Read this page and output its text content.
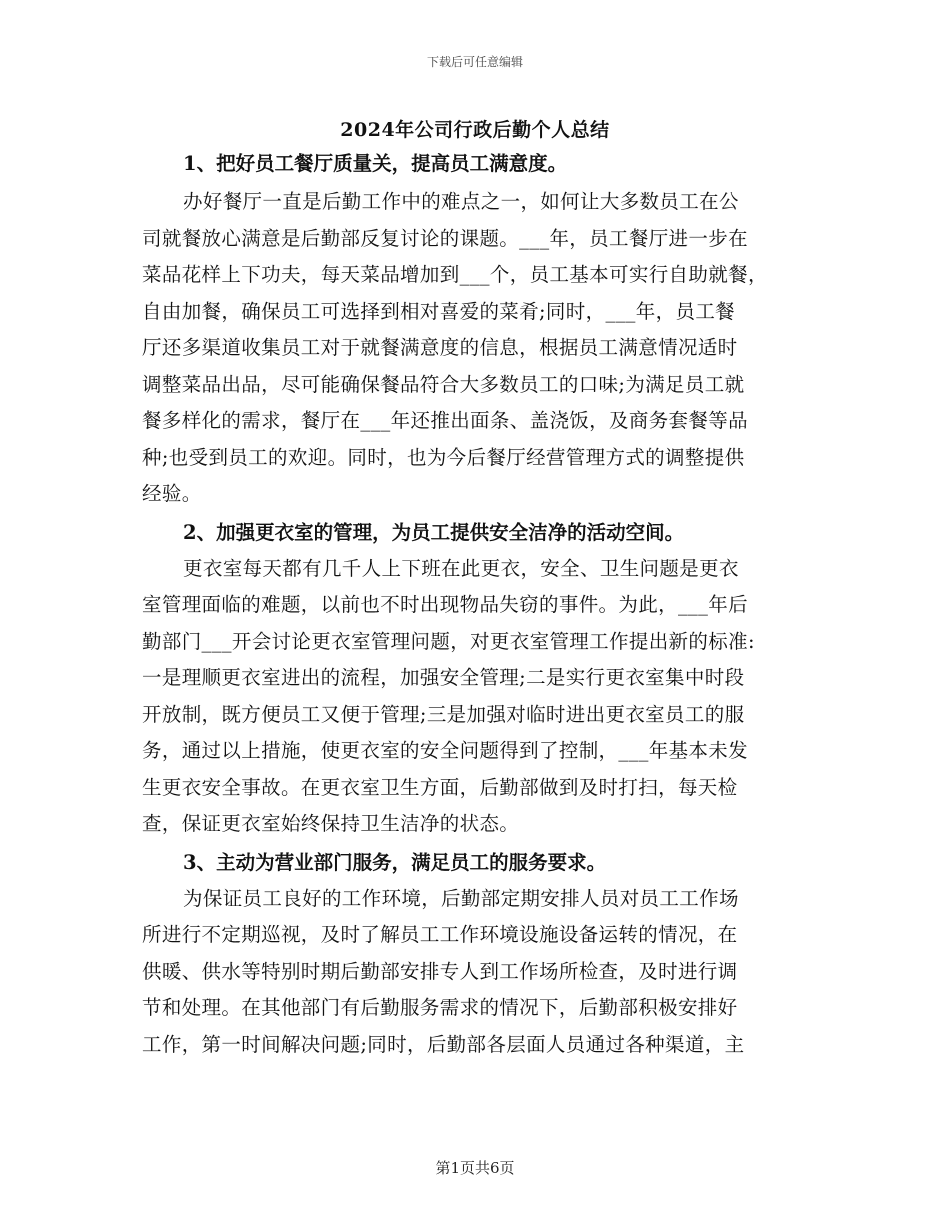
下载后可任意编辑
2024年公司行政后勤个人总结

1、把好员工餐厅质量关，提高员工满意度。

办好餐厅一直是后勤工作中的难点之一，如何让大多数员工在公
司就餐放心满意是后勤部反复讨论的课题。___年，员工餐厅进一步在
菜品花样上下功夫，每天菜品增加到___个，员工基本可实行自助就餐，
自由加餐，确保员工可选择到相对喜爱的菜肴;同时，___年，员工餐
厅还多渠道收集员工对于就餐满意度的信息，根据员工满意情况适时
调整菜品出品，尽可能确保餐品符合大多数员工的口味;为满足员工就
餐多样化的需求，餐厅在___年还推出面条、盖浇饭，及商务套餐等品
种;也受到员工的欢迎。同时，也为今后餐厅经营管理方式的调整提供
经验。

2、加强更衣室的管理，为员工提供安全洁净的活动空间。

更衣室每天都有几千人上下班在此更衣，安全、卫生问题是更衣
室管理面临的难题，以前也不时出现物品失窃的事件。为此，___年后
勤部门___开会讨论更衣室管理问题，对更衣室管理工作提出新的标准:
一是理顺更衣室进出的流程，加强安全管理;二是实行更衣室集中时段
开放制，既方便员工又便于管理;三是加强对临时进出更衣室员工的服
务，通过以上措施，使更衣室的安全问题得到了控制，___年基本未发
生更衣安全事故。在更衣室卫生方面，后勤部做到及时打扫，每天检
查，保证更衣室始终保持卫生洁净的状态。

3、主动为营业部门服务，满足员工的服务要求。

为保证员工良好的工作环境，后勤部定期安排人员对员工工作场
所进行不定期巡视，及时了解员工工作环境设施设备运转的情况，在
供暖、供水等特别时期后勤部安排专人到工作场所检查，及时进行调
节和处理。在其他部门有后勤服务需求的情况下，后勤部积极安排好
工作，第一时间解决问题;同时，后勤部各层面人员通过各种渠道，主
第1页共6页
